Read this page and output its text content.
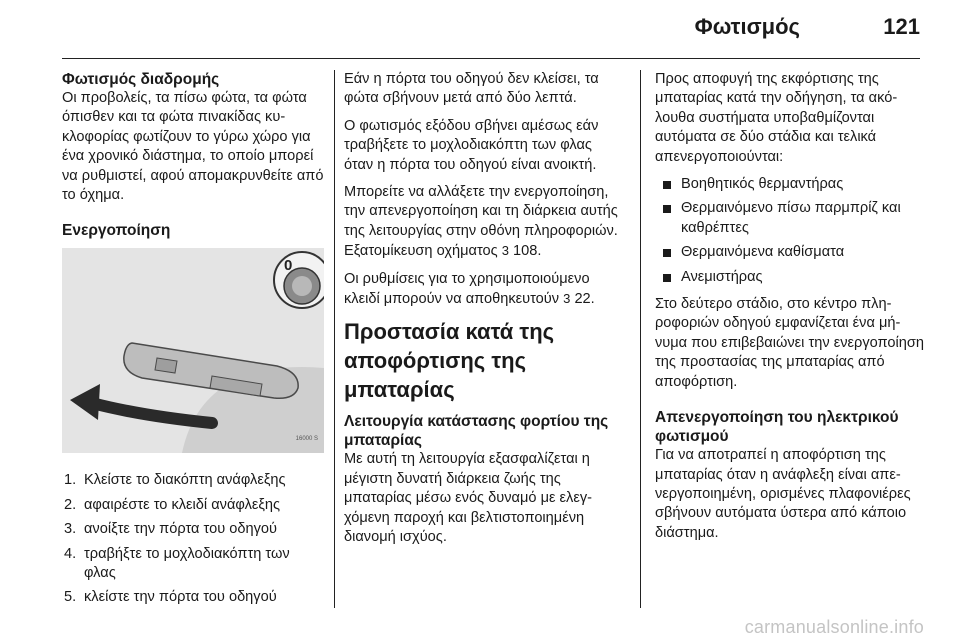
Φωτισμός	121
Φωτισμός διαδρομής

Οι προβολείς, τα πίσω φώτα, τα φώτα όπισθεν και τα φώτα πινακίδας κυκλοφορίας φωτίζουν το γύρω χώρο για ένα χρονικό διάστημα, το οποίο μπορεί να ρυθμιστεί, αφού απομακρυνθείτε από το όχημα.

Ενεργοποίηση
0
16000 S
1. Κλείστε το διακόπτη ανάφλεξης
2. αφαιρέστε το κλειδί ανάφλεξης
3. ανοίξτε την πόρτα του οδηγού
4. τραβήξτε το μοχλοδιακόπτη των φλας
5. κλείστε την πόρτα του οδηγού

Εάν η πόρτα του οδηγού δεν κλείσει, τα φώτα σβήνουν μετά από δύο λεπτά.

Ο φωτισμός εξόδου σβήνει αμέσως εάν τραβήξετε το μοχλοδιακόπτη των φλας όταν η πόρτα του οδηγού είναι ανοικτή.

Μπορείτε να αλλάξετε την ενεργοποίηση, την απενεργοποίηση και τη διάρκεια αυτής της λειτουργίας στην οθόνη πληροφοριών. Εξατομίκευση οχήματος 3 108.

Οι ρυθμίσεις για το χρησιμοποιούμενο κλειδί μπορούν να αποθηκευτούν 3 22.

Προστασία κατά της αποφόρτισης της μπαταρίας
Λειτουργία κατάστασης φορτίου της μπαταρίας

Με αυτή τη λειτουργία εξασφαλίζεται η μέγιστη δυνατή διάρκεια ζωής της μπαταρίας μέσω ενός δυναμό με ελεγχόμενη παροχή και βελτιστοποιημένη διανομή ισχύος.

Προς αποφυγή της εκφόρτισης της μπαταρίας κατά την οδήγηση, τα ακόλουθα συστήματα υποβαθμίζονται αυτόματα σε δύο στάδια και τελικά απενεργοποιούνται:

Βοηθητικός θερμαντήρας
Θερμαινόμενο πίσω παρμπρίζ και καθρέπτες
Θερμαινόμενα καθίσματα
Ανεμιστήρας

Στο δεύτερο στάδιο, στο κέντρο πληροφοριών οδηγού εμφανίζεται ένα μήνυμα που επιβεβαιώνει την ενεργοποίηση της προστασίας της μπαταρίας από αποφόρτιση.

Απενεργοποίηση του ηλεκτρικού φωτισμού

Για να αποτραπεί η αποφόρτιση της μπαταρίας όταν η ανάφλεξη είναι απενεργοποιημένη, ορισμένες πλαφονιέρες σβήνουν αυτόματα ύστερα από κάποιο διάστημα.

carmanualsonline.info
